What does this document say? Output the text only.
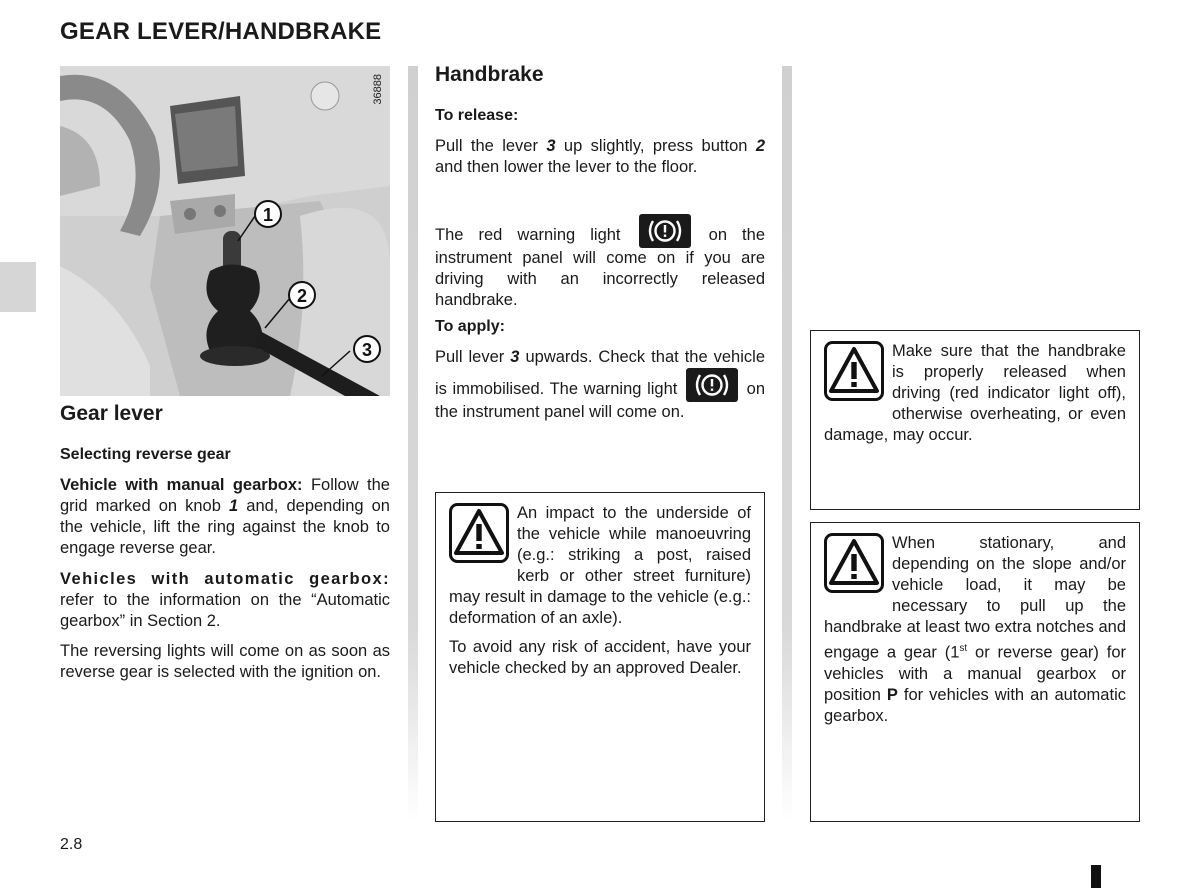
GEAR LEVER/HANDBRAKE
1
2
3
36888
Gear lever
Selecting reverse gear

Vehicle with manual gearbox: Follow the grid marked on knob 1 and, depending on the vehicle, lift the ring against the knob to engage reverse gear.

Vehicles with automatic gearbox: refer to the information on the “Automatic gearbox” in Section 2.

The reversing lights will come on as soon as reverse gear is selected with the ignition on.

Handbrake
To release:

Pull the lever 3 up slightly, press button 2 and then lower the lever to the floor.

The red warning light	on the instrument panel will come on if you are driving with an incorrectly released handbrake.

To apply:

Pull lever 3 upwards. Check that the vehicle is immobilised. The warning light	on the instrument panel will come on.

An impact to the underside of the vehicle while manoeuvring (e.g.: striking a post, raised kerb or other street furniture) may result in damage to the vehicle (e.g.: deformation of an axle).

To avoid any risk of accident, have your vehicle checked by an approved Dealer.

Make sure that the handbrake is properly released when driving (red indicator light off), otherwise overheating, or even damage, may occur.

When stationary, and depending on the slope and/or vehicle load, it may be necessary to pull up the handbrake at least two extra notches and engage a gear (1st or reverse gear) for vehicles with a manual gearbox or position P for vehicles with an automatic gearbox.

2.8
